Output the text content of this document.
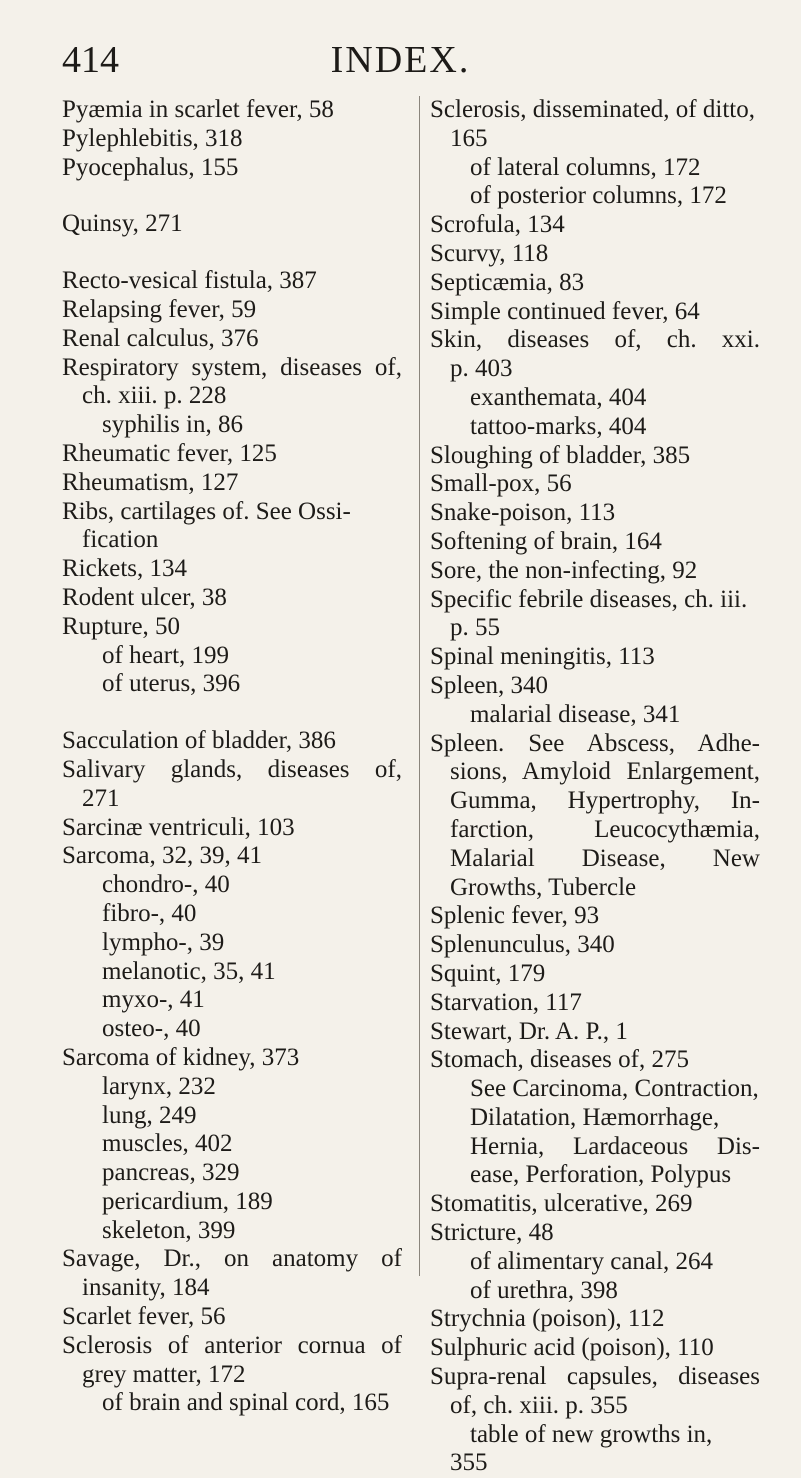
414	INDEX.
Pyæmia in scarlet fever, 58
Pylephlebitis, 318
Pyocephalus, 155
Quinsy, 271
Recto-vesical fistula, 387
Relapsing fever, 59
Renal calculus, 376
Respiratory system, diseases of,
ch. xiii. p. 228
syphilis in, 86
Rheumatic fever, 125
Rheumatism, 127
Ribs, cartilages of. See Ossi-
fication
Rickets, 134
Rodent ulcer, 38
Rupture, 50
of heart, 199
of uterus, 396
Sacculation of bladder, 386
Salivary glands, diseases of,
271
Sarcinæ ventriculi, 103
Sarcoma, 32, 39, 41
chondro-, 40
fibro-, 40
lympho-, 39
melanotic, 35, 41
myxo-, 41
osteo-, 40
Sarcoma of kidney, 373
larynx, 232
lung, 249
muscles, 402
pancreas, 329
pericardium, 189
skeleton, 399
Savage, Dr., on anatomy of
insanity, 184
Scarlet fever, 56
Sclerosis of anterior cornua of
grey matter, 172
of brain and spinal cord, 165
Sclerosis, disseminated, of ditto,
165
of lateral columns, 172
of posterior columns, 172
Scrofula, 134
Scurvy, 118
Septicæmia, 83
Simple continued fever, 64
Skin, diseases of, ch. xxi.
p. 403
exanthemata, 404
tattoo-marks, 404
Sloughing of bladder, 385
Small-pox, 56
Snake-poison, 113
Softening of brain, 164
Sore, the non-infecting, 92
Specific febrile diseases, ch. iii.
p. 55
Spinal meningitis, 113
Spleen, 340
malarial disease, 341
Spleen. See Abscess, Adhe-
sions, Amyloid Enlargement,
Gumma, Hypertrophy, In-
farction, Leucocythæmia,
Malarial Disease, New
Growths, Tubercle
Splenic fever, 93
Splenunculus, 340
Squint, 179
Starvation, 117
Stewart, Dr. A. P., 1
Stomach, diseases of, 275
See Carcinoma, Contraction,
Dilatation, Hæmorrhage,
Hernia, Lardaceous Dis-
ease, Perforation, Polypus
Stomatitis, ulcerative, 269
Stricture, 48
of alimentary canal, 264
of urethra, 398
Strychnia (poison), 112
Sulphuric acid (poison), 110
Supra-renal capsules, diseases
of, ch. xiii. p. 355
table of new growths in,
355
